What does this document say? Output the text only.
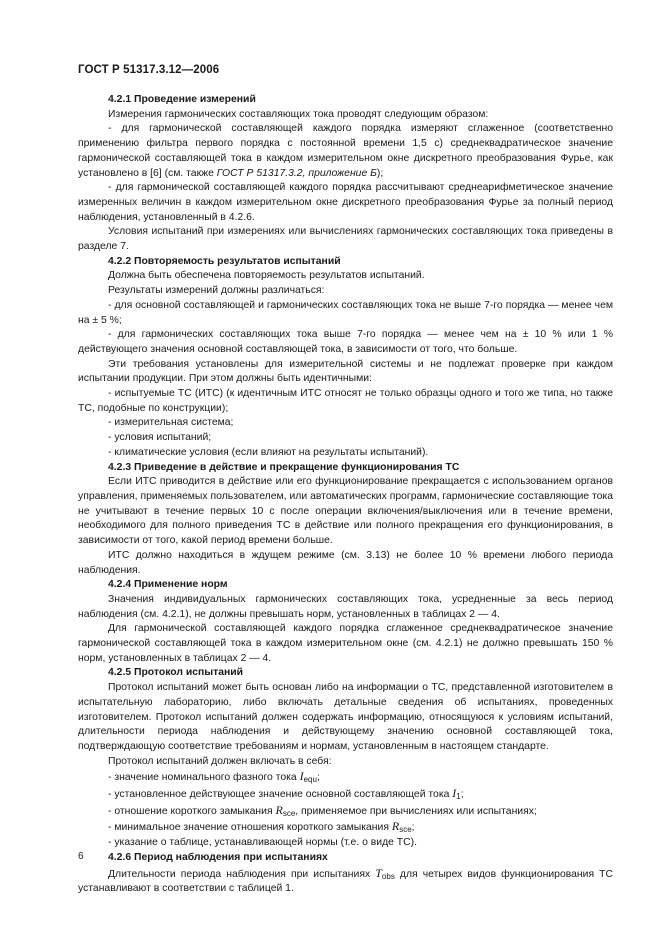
ГОСТ Р 51317.3.12—2006

4.2.1 Проведение измерений

Измерения гармонических составляющих тока проводят следующим образом:

- для гармонической составляющей каждого порядка измеряют сглаженное (соответственно применению фильтра первого порядка с постоянной времени 1,5 с) среднеквадратическое значение гармонической составляющей тока в каждом измерительном окне дискретного преобразования Фурье, как установлено в [6] (см. также ГОСТ Р 51317.3.2, приложение Б);

- для гармонической составляющей каждого порядка рассчитывают среднеарифметическое значение измеренных величин в каждом измерительном окне дискретного преобразования Фурье за полный период наблюдения, установленный в 4.2.6.

Условия испытаний при измерениях или вычислениях гармонических составляющих тока приведены в разделе 7.

4.2.2 Повторяемость результатов испытаний

Должна быть обеспечена повторяемость результатов испытаний.

Результаты измерений должны различаться:

- для основной составляющей и гармонических составляющих тока не выше 7-го порядка — менее чем на ± 5 %;

- для гармонических составляющих тока выше 7-го порядка — менее чем на ± 10 % или 1 % действующего значения основной составляющей тока, в зависимости от того, что больше.

Эти требования установлены для измерительной системы и не подлежат проверке при каждом испытании продукции. При этом должны быть идентичными:

- испытуемые ТС (ИТС) (к идентичным ИТС относят не только образцы одного и того же типа, но также ТС, подобные по конструкции);

- измерительная система;

- условия испытаний;

- климатические условия (если влияют на результаты испытаний).

4.2.3 Приведение в действие и прекращение функционирования ТС

Если ИТС приводится в действие или его функционирование прекращается с использованием органов управления, применяемых пользователем, или автоматических программ, гармонические составляющие тока не учитывают в течение первых 10 с после операции включения/выключения или в течение времени, необходимого для полного приведения ТС в действие или полного прекращения его функционирования, в зависимости от того, какой период времени больше.

ИТС должно находиться в ждущем режиме (см. 3.13) не более 10 % времени любого периода наблюдения.

4.2.4 Применение норм

Значения индивидуальных гармонических составляющих тока, усредненные за весь период наблюдения (см. 4.2.1), не должны превышать норм, установленных в таблицах 2 — 4.

Для гармонической составляющей каждого порядка сглаженное среднеквадратическое значение гармонической составляющей тока в каждом измерительном окне (см. 4.2.1) не должно превышать 150 % норм, установленных в таблицах 2 — 4.

4.2.5 Протокол испытаний

Протокол испытаний может быть основан либо на информации о ТС, представленной изготовителем в испытательную лабораторию, либо включать детальные сведения об испытаниях, проведенных изготовителем. Протокол испытаний должен содержать информацию, относящуюся к условиям испытаний, длительности периода наблюдения и действующему значению основной составляющей тока, подтверждающую соответствие требованиям и нормам, установленным в настоящем стандарте.

Протокол испытаний должен включать в себя:

- значение номинального фазного тока $I_{equ}$;

- установленное действующее значение основной составляющей тока $I_1$;

- отношение короткого замыкания $R_{sce}$, применяемое при вычислениях или испытаниях;

- минимальное значение отношения короткого замыкания $R_{sce}$;

- указание о таблице, устанавливающей нормы (т.е. о виде ТС).

4.2.6 Период наблюдения при испытаниях

Длительности периода наблюдения при испытаниях $T_{obs}$ для четырех видов функционирования ТС устанавливают в соответствии с таблицей 1.

6
